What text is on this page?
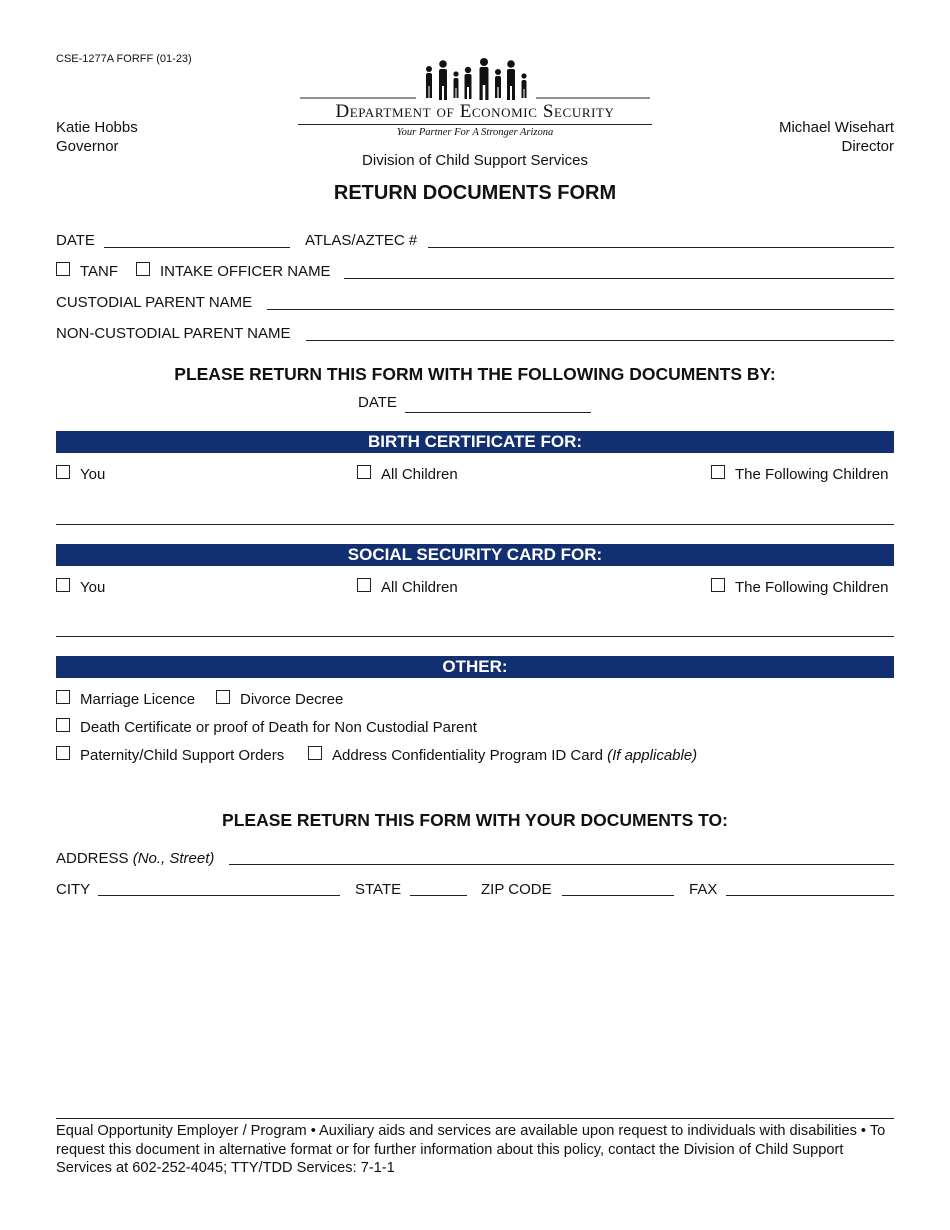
CSE-1277A FORFF (01-23)
Katie Hobbs
Governor
Michael Wisehart
Director
Department of Economic Security
Your Partner For A Stronger Arizona
Division of Child Support Services
RETURN DOCUMENTS FORM
DATE	ATLAS/AZTEC #
TANF	INTAKE OFFICER NAME
CUSTODIAL PARENT NAME
NON-CUSTODIAL PARENT NAME
PLEASE RETURN THIS FORM WITH THE FOLLOWING DOCUMENTS BY:
DATE
BIRTH CERTIFICATE FOR:
You	All Children	The Following Children
SOCIAL SECURITY CARD FOR:
You	All Children	The Following Children
OTHER:
Marriage Licence	Divorce Decree
Death Certificate or proof of Death for Non Custodial Parent
Paternity/Child Support Orders	Address Confidentiality Program ID Card (If applicable)
PLEASE RETURN THIS FORM WITH YOUR DOCUMENTS TO:
ADDRESS (No., Street)
CITY	STATE	ZIP CODE	FAX
Equal Opportunity Employer / Program • Auxiliary aids and services are available upon request to individuals with disabilities • To request this document in alternative format or for further information about this policy, contact the Division of Child Support Services at 602-252-4045; TTY/TDD Services: 7-1-1
